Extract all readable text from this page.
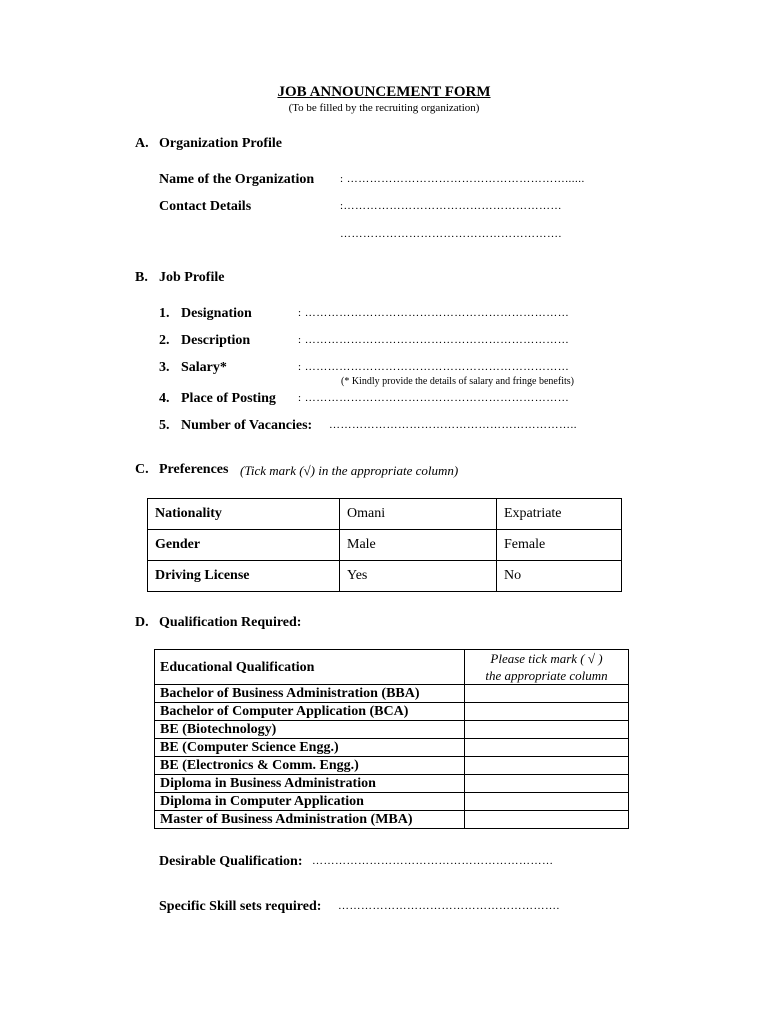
JOB ANNOUNCEMENT FORM
(To be filled by the recruiting organization)
A. Organization Profile
Name of the Organization : …………………………………………………......
Contact Details	:…………………………………………………
………………………………………………….
B. Job Profile
1. Designation	: ……………………………………………………………
2. Description	: ……………………………………………………………
3. Salary*	: ……………………………………………………………
(* Kindly provide the details of salary and fringe benefits)
4. Place of Posting : ……………………………………………………………
5. Number of Vacancies: ………………………………………………………..
C. Preferences (Tick mark (√) in the appropriate column)
Nationality	Omani	Expatriate
Gender	Male	Female
Driving License	Yes	No
D. Qualification Required:
Educational Qualification	Please tick mark ( √ )
the appropriate column

Bachelor of Business Administration (BBA)	
Bachelor of Computer Application (BCA)	
BE (Biotechnology)	
BE (Computer Science Engg.)	
BE (Electronics & Comm. Engg.)	
Diploma in Business Administration	
Diploma in Computer Application	
Master of Business Administration (MBA)	
Desirable Qualification: ………………………………………………………
Specific Skill sets required: ………………………………………………….
